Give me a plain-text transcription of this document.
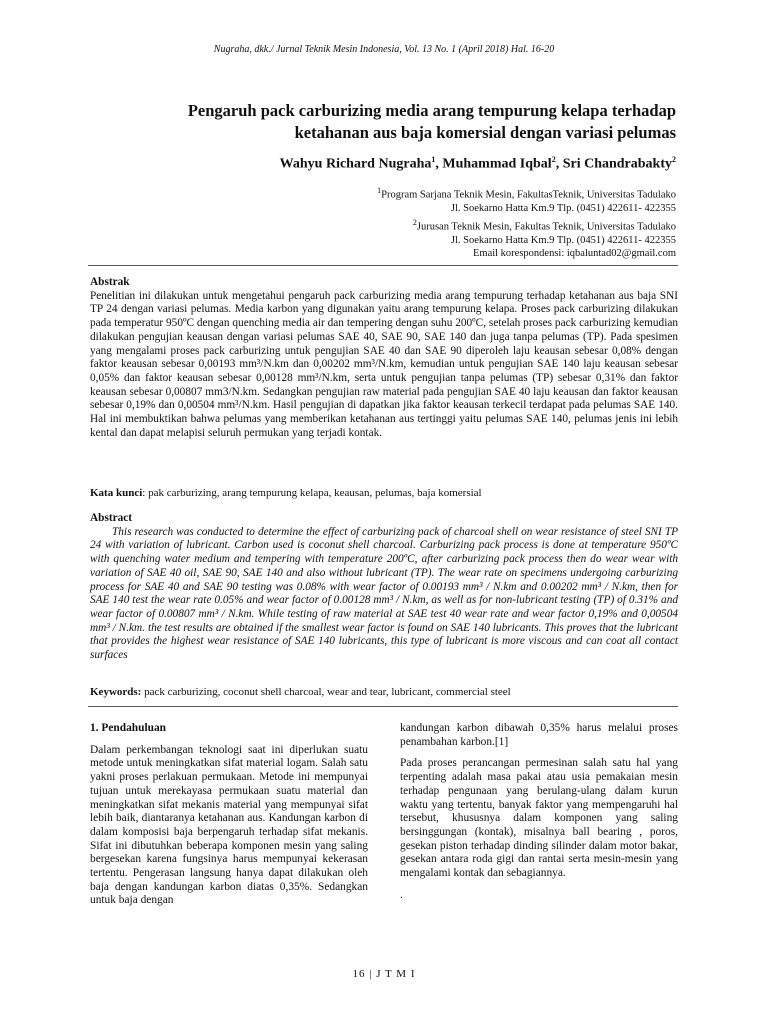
Nugraha, dkk./ Jurnal Teknik Mesin Indonesia, Vol. 13 No. 1 (April 2018) Hal. 16-20
Pengaruh pack carburizing media arang tempurung kelapa terhadap
ketahanan aus baja komersial dengan variasi pelumas
Wahyu Richard Nugraha$^1$, Muhammad Iqbal$^2$, Sri Chandrabakty$^2$
$^1$Program Sarjana Teknik Mesin, FakultasTeknik, Universitas Tadulako
Jl. Soekarno Hatta Km.9 Tlp. (0451) 422611- 422355
$^2$Jurusan Teknik Mesin, Fakultas Teknik, Universitas Tadulako
Jl. Soekarno Hatta Km.9 Tlp. (0451) 422611- 422355
Email korespondensi: iqbaluntad02@gmail.com

Abstrak

Penelitian ini dilakukan untuk mengetahui pengaruh pack carburizing media arang tempurung terhadap ketahanan aus baja SNI TP 24 dengan variasi pelumas. Media karbon yang digunakan yaitu arang tempurung kelapa. Proses pack carburizing dilakukan pada temperatur 950ºC dengan quenching media air dan tempering dengan suhu 200ºC, setelah proses pack carburizing kemudian dilakukan pengujian keausan dengan variasi pelumas SAE 40, SAE 90, SAE 140 dan juga tanpa pelumas (TP). Pada spesimen yang mengalami proses pack carburizing untuk pengujian SAE 40 dan SAE 90 diperoleh laju keausan sebesar 0,08% dengan faktor keausan sebesar 0,00193 mm³/N.km dan 0,00202 mm³/N.km, kemudian untuk pengujian SAE 140 laju keausan sebesar 0,05% dan faktor keausan sebesar 0,00128 mm³/N.km, serta untuk pengujian tanpa pelumas (TP) sebesar 0,31% dan faktor keausan sebesar 0,00807 mm3/N.km. Sedangkan pengujian raw material pada pengujian SAE 40 laju keausan dan faktor keausan sebesar 0,19% dan 0,00504 mm³/N.km. Hasil pengujian di dapatkan jika faktor keausan terkecil terdapat pada pelumas SAE 140. Hal ini membuktikan bahwa pelumas yang memberikan ketahanan aus tertinggi yaitu pelumas SAE 140, pelumas jenis ini lebih kental dan dapat melapisi seluruh permukan yang terjadi kontak.

Kata kunci: pak carburizing, arang tempurung kelapa, keausan, pelumas, baja komersial

Abstract

This research was conducted to determine the effect of carburizing pack of charcoal shell on wear resistance of steel SNI TP 24 with variation of lubricant. Carbon used is coconut shell charcoal. Carburizing pack process is done at temperature 950ºC with quenching water medium and tempering with temperature 200ºC, after carburizing pack process then do wear wear with variation of SAE 40 oil, SAE 90, SAE 140 and also without lubricant (TP). The wear rate on specimens undergoing carburizing process for SAE 40 and SAE 90 testing was 0.08% with wear factor of 0.00193 mm³ / N.km and 0.00202 mm³ / N.km, then for SAE 140 test the wear rate 0.05% and wear factor of 0.00128 mm³ / N.km, as well as for non-lubricant testing (TP) of 0.31% and wear factor of 0.00807 mm³ / N.km. While testing of raw material at SAE test 40 wear rate and wear factor 0,19% and 0,00504 mm³ / N.km. the test results are obtained if the smallest wear factor is found on SAE 140 lubricants. This proves that the lubricant that provides the highest wear resistance of SAE 140 lubricants, this type of lubricant is more viscous and can coat all contact surfaces

Keywords: pack carburizing, coconut shell charcoal, wear and tear, lubricant, commercial steel

1. Pendahuluan

Dalam perkembangan teknologi saat ini diperlukan suatu metode untuk meningkatkan sifat material logam. Salah satu yakni proses perlakuan permukaan. Metode ini mempunyai tujuan untuk merekayasa permukaan suatu material dan meningkatkan sifat mekanis material yang mempunyai sifat lebih baik, diantaranya ketahanan aus. Kandungan karbon di dalam komposisi baja berpengaruh terhadap sifat mekanis. Sifat ini dibutuhkan beberapa komponen mesin yang saling bergesekan karena fungsinya harus mempunyai kekerasan tertentu. Pengerasan langsung hanya dapat dilakukan oleh baja dengan kandungan karbon diatas 0,35%. Sedangkan untuk baja dengan

kandungan karbon dibawah 0,35% harus melalui proses penambahan karbon.[1]

Pada proses perancangan permesinan salah satu hal yang terpenting adalah masa pakai atau usia pemakaian mesin terhadap pengunaan yang berulang-ulang dalam kurun waktu yang tertentu, banyak faktor yang mempengaruhi hal tersebut, khususnya dalam komponen yang saling bersinggungan (kontak), misalnya ball bearing , poros, gesekan piston terhadap dinding silinder dalam motor bakar, gesekan antara roda gigi dan rantai serta mesin-mesin yang mengalami kontak dan sebagiannya.

.

16 | J T M I
